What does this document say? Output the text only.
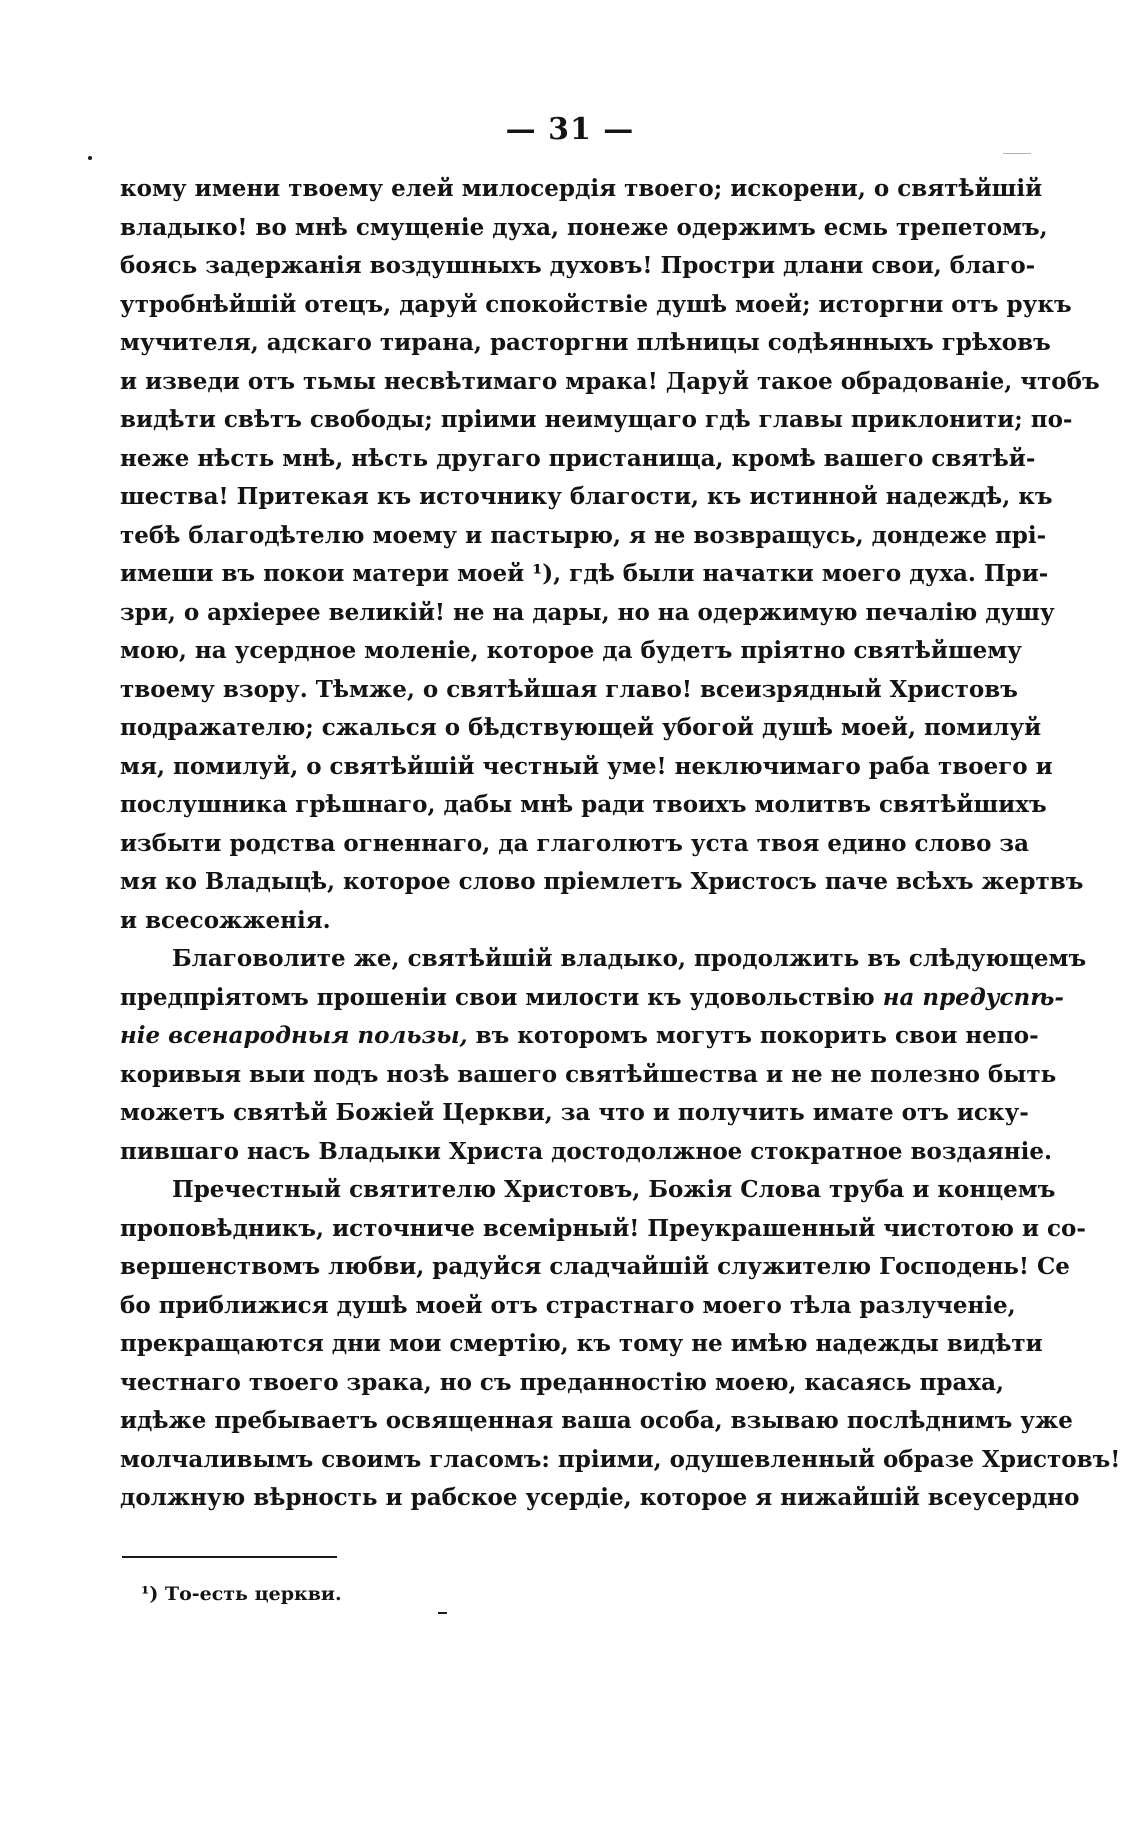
— 31 —
кому имени твоему елей милосердія твоего; искорени, о святѣйшій
владыко! во мнѣ смущеніе духа, понеже одержимъ есмь трепетомъ,
боясь задержанія воздушныхъ духовъ! Простри длани свои, благо-
утробнѣйшій отецъ, даруй спокойствіе душѣ моей; исторгни отъ рукъ
мучителя, адскаго тирана, расторгни плѣницы содѣянныхъ грѣховъ
и изведи отъ тьмы несвѣтимаго мрака! Даруй такое обрадованіе, чтобъ
видѣти свѣтъ свободы; пріими неимущаго гдѣ главы приклонити; по-
неже нѣсть мнѣ, нѣсть другаго пристанища, кромѣ вашего святѣй-
шества! Притекая къ источнику благости, къ истинной надеждѣ, къ
тебѣ благодѣтелю моему и пастырю, я не возвращусь, дондеже прі-
имеши въ покои матери моей ¹), гдѣ были начатки моего духа. При-
зри, о архіерее великій! не на дары, но на одержимую печалію душу
мою, на усердное моленіе, которое да будетъ пріятно святѣйшему
твоему взору. Тѣмже, о святѣйшая главо! всеизрядный Христовъ
подражателю; сжалься о бѣдствующей убогой душѣ моей, помилуй
мя, помилуй, о святѣйшій честный уме! неключимаго раба твоего и
послушника грѣшнаго, дабы мнѣ ради твоихъ молитвъ святѣйшихъ
избыти родства огненнаго, да глаголютъ уста твоя едино слово за
мя ко Владыцѣ, которое слово пріемлетъ Христосъ паче всѣхъ жертвъ
и всесожженія.
Благоволите же, святѣйшій владыко, продолжить въ слѣдующемъ
предпріятомъ прошеніи свои милости къ удовольствію на предуспѣ-
ніе всенародныя пользы, въ которомъ могутъ покорить свои непо-
коривыя выи подъ нозѣ вашего святѣйшества и не не полезно быть
можетъ святѣй Божіей Церкви, за что и получить имате отъ иску-
пившаго насъ Владыки Христа достодолжное стократное воздаяніе.
Пречестный святителю Христовъ, Божія Слова труба и концемъ
проповѣдникъ, источниче всемірный! Преукрашенный чистотою и со-
вершенствомъ любви, радуйся сладчайшій служителю Господень! Се
бо приближися душѣ моей отъ страстнаго моего тѣла разлученіе,
прекращаются дни мои смертію, къ тому не имѣю надежды видѣти
честнаго твоего зрака, но съ преданностію моею, касаясь праха,
идѣже пребываетъ освященная ваша особа, взываю послѣднимъ уже
молчаливымъ своимъ гласомъ: пріими, одушевленный образе Христовъ!
должную вѣрность и рабское усердіе, которое я нижайшій всеусердно
¹) То-есть церкви.
